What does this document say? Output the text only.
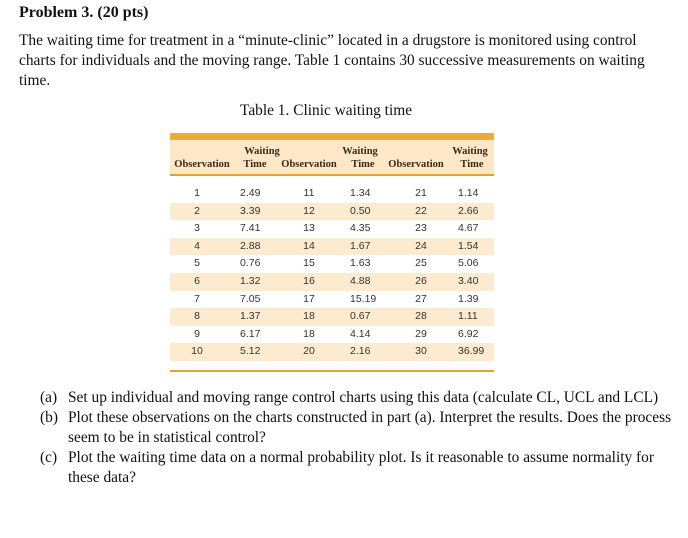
Problem 3. (20 pts)
The waiting time for treatment in a “minute-clinic” located in a drugstore is monitored using control charts for individuals and the moving range. Table 1 contains 30 successive measurements on waiting time.
Table 1. Clinic waiting time
Waiting	Waiting	Waiting
Observation	Time	Observation	Time	Observation	Time
1	2.49	11	1.34	21	1.14
2	3.39	12	0.50	22	2.66
3	7.41	13	4.35	23	4.67
4	2.88	14	1.67	24	1.54
5	0.76	15	1.63	25	5.06
6	1.32	16	4.88	26	3.40
7	7.05	17	15.19	27	1.39
8	1.37	18	0.67	28	1.11
9	6.17	18	4.14	29	6.92
10	5.12	20	2.16	30	36.99
(a) Set up individual and moving range control charts using this data (calculate CL, UCL and LCL)
(b) Plot these observations on the charts constructed in part (a). Interpret the results. Does the process seem to be in statistical control?
(c) Plot the waiting time data on a normal probability plot. Is it reasonable to assume normality for these data?
